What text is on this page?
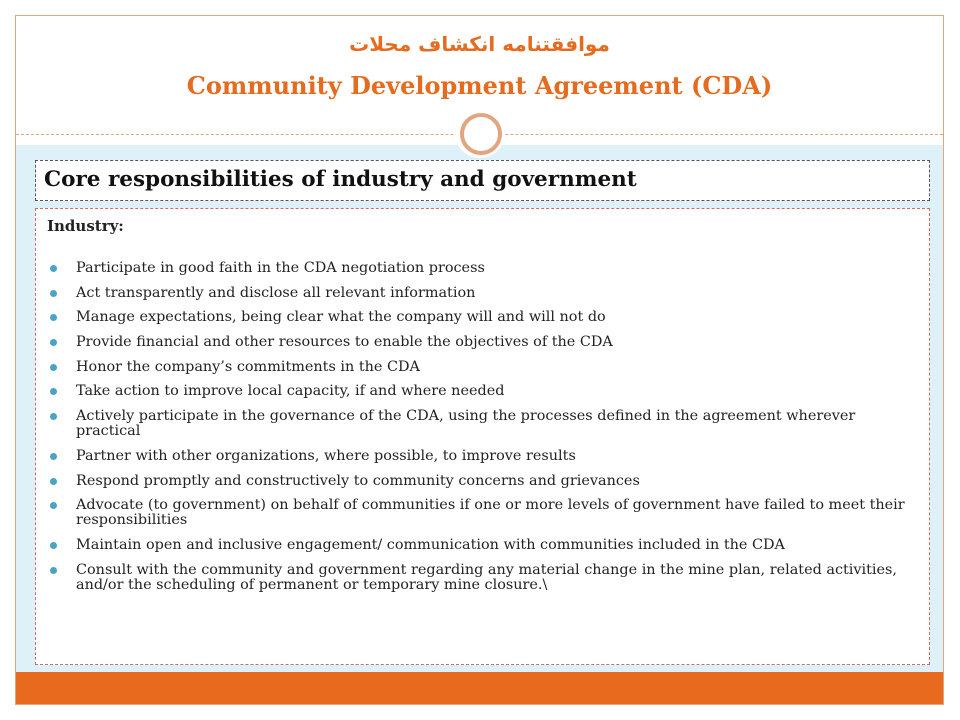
موافقتنامه انکشاف محلات
Community Development Agreement (CDA)
Core responsibilities of industry and government
Industry:
Participate in good faith in the CDA negotiation process
Act transparently and disclose all relevant information
Manage expectations, being clear what the company will and will not do
Provide financial and other resources to enable the objectives of the CDA
Honor the company’s commitments in the CDA
Take action to improve local capacity, if and where needed
Actively participate in the governance of the CDA, using the processes defined in the agreement wherever practical
Partner with other organizations, where possible, to improve results
Respond promptly and constructively to community concerns and grievances
Advocate (to government) on behalf of communities if one or more levels of government have failed to meet their responsibilities
Maintain open and inclusive engagement/ communication with communities included in the CDA
Consult with the community and government regarding any material change in the mine plan, related activities, and/or the scheduling of permanent or temporary mine closure.\
